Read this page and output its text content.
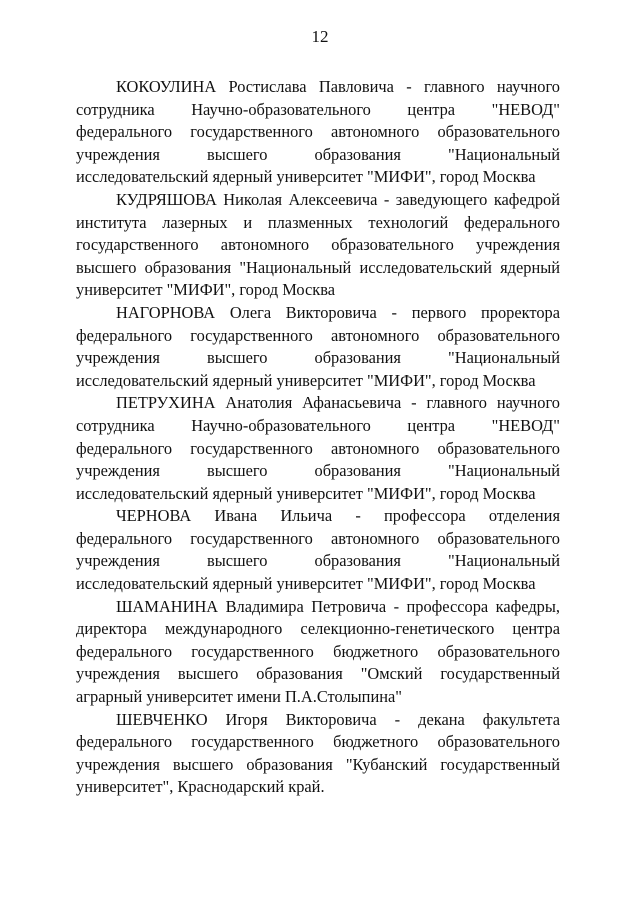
12

КОКОУЛИНА Ростислава Павловича - главного научного сотрудника Научно-образовательного центра "НЕВОД" федерального государственного автономного образовательного учреждения высшего образования "Национальный исследовательский ядерный университет "МИФИ", город Москва

КУДРЯШОВА Николая Алексеевича - заведующего кафедрой института лазерных и плазменных технологий федерального государственного автономного образовательного учреждения высшего образования "Национальный исследовательский ядерный университет "МИФИ", город Москва

НАГОРНОВА Олега Викторовича - первого проректора федерального государственного автономного образовательного учреждения высшего образования "Национальный исследовательский ядерный университет "МИФИ", город Москва

ПЕТРУХИНА Анатолия Афанасьевича - главного научного сотрудника Научно-образовательного центра "НЕВОД" федерального государственного автономного образовательного учреждения высшего образования "Национальный исследовательский ядерный университет "МИФИ", город Москва

ЧЕРНОВА Ивана Ильича - профессора отделения федерального государственного автономного образовательного учреждения высшего образования "Национальный исследовательский ядерный университет "МИФИ", город Москва

ШАМАНИНА Владимира Петровича - профессора кафедры, директора международного селекционно-генетического центра федерального государственного бюджетного образовательного учреждения высшего образования "Омский государственный аграрный университет имени П.А.Столыпина"

ШЕВЧЕНКО Игоря Викторовича - декана факультета федерального государственного бюджетного образовательного учреждения высшего образования "Кубанский государственный университет", Краснодарский край.
